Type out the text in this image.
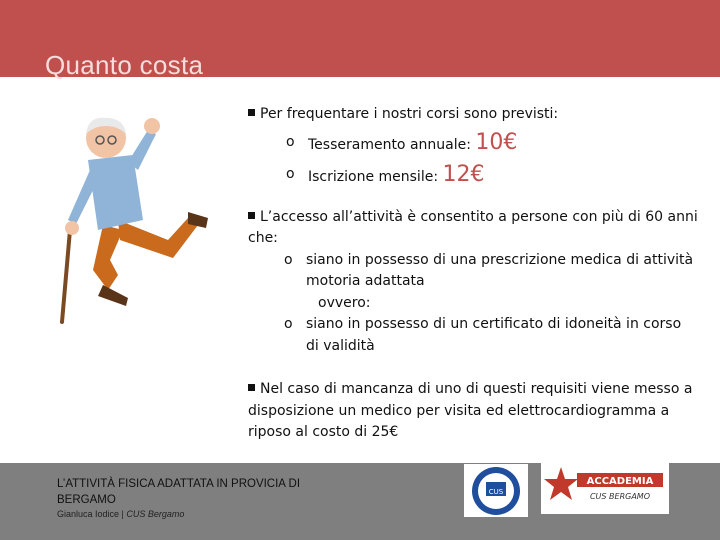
Quanto costa

Per frequentare i nostri corsi sono previsti:

o Tesseramento annuale: 10€
o Iscrizione mensile: 12€

L’accesso all’attività è consentito a persone con più di 60 anni che:

o siano in possesso di una prescrizione medica di attività motoria adattata
ovvero:
o siano in possesso di un certificato di idoneità in corso di validità

Nel caso di mancanza di uno di questi requisiti viene messo a disposizione un medico per visita ed elettrocardiogramma a riposo al costo di 25€

L’ATTIVITÀ FISICA ADATTATA IN PROVICIA DI BERGAMO
Gianluca Iodice | CUS Bergamo
CUS
ACCADEMIA
CUS BERGAMO
